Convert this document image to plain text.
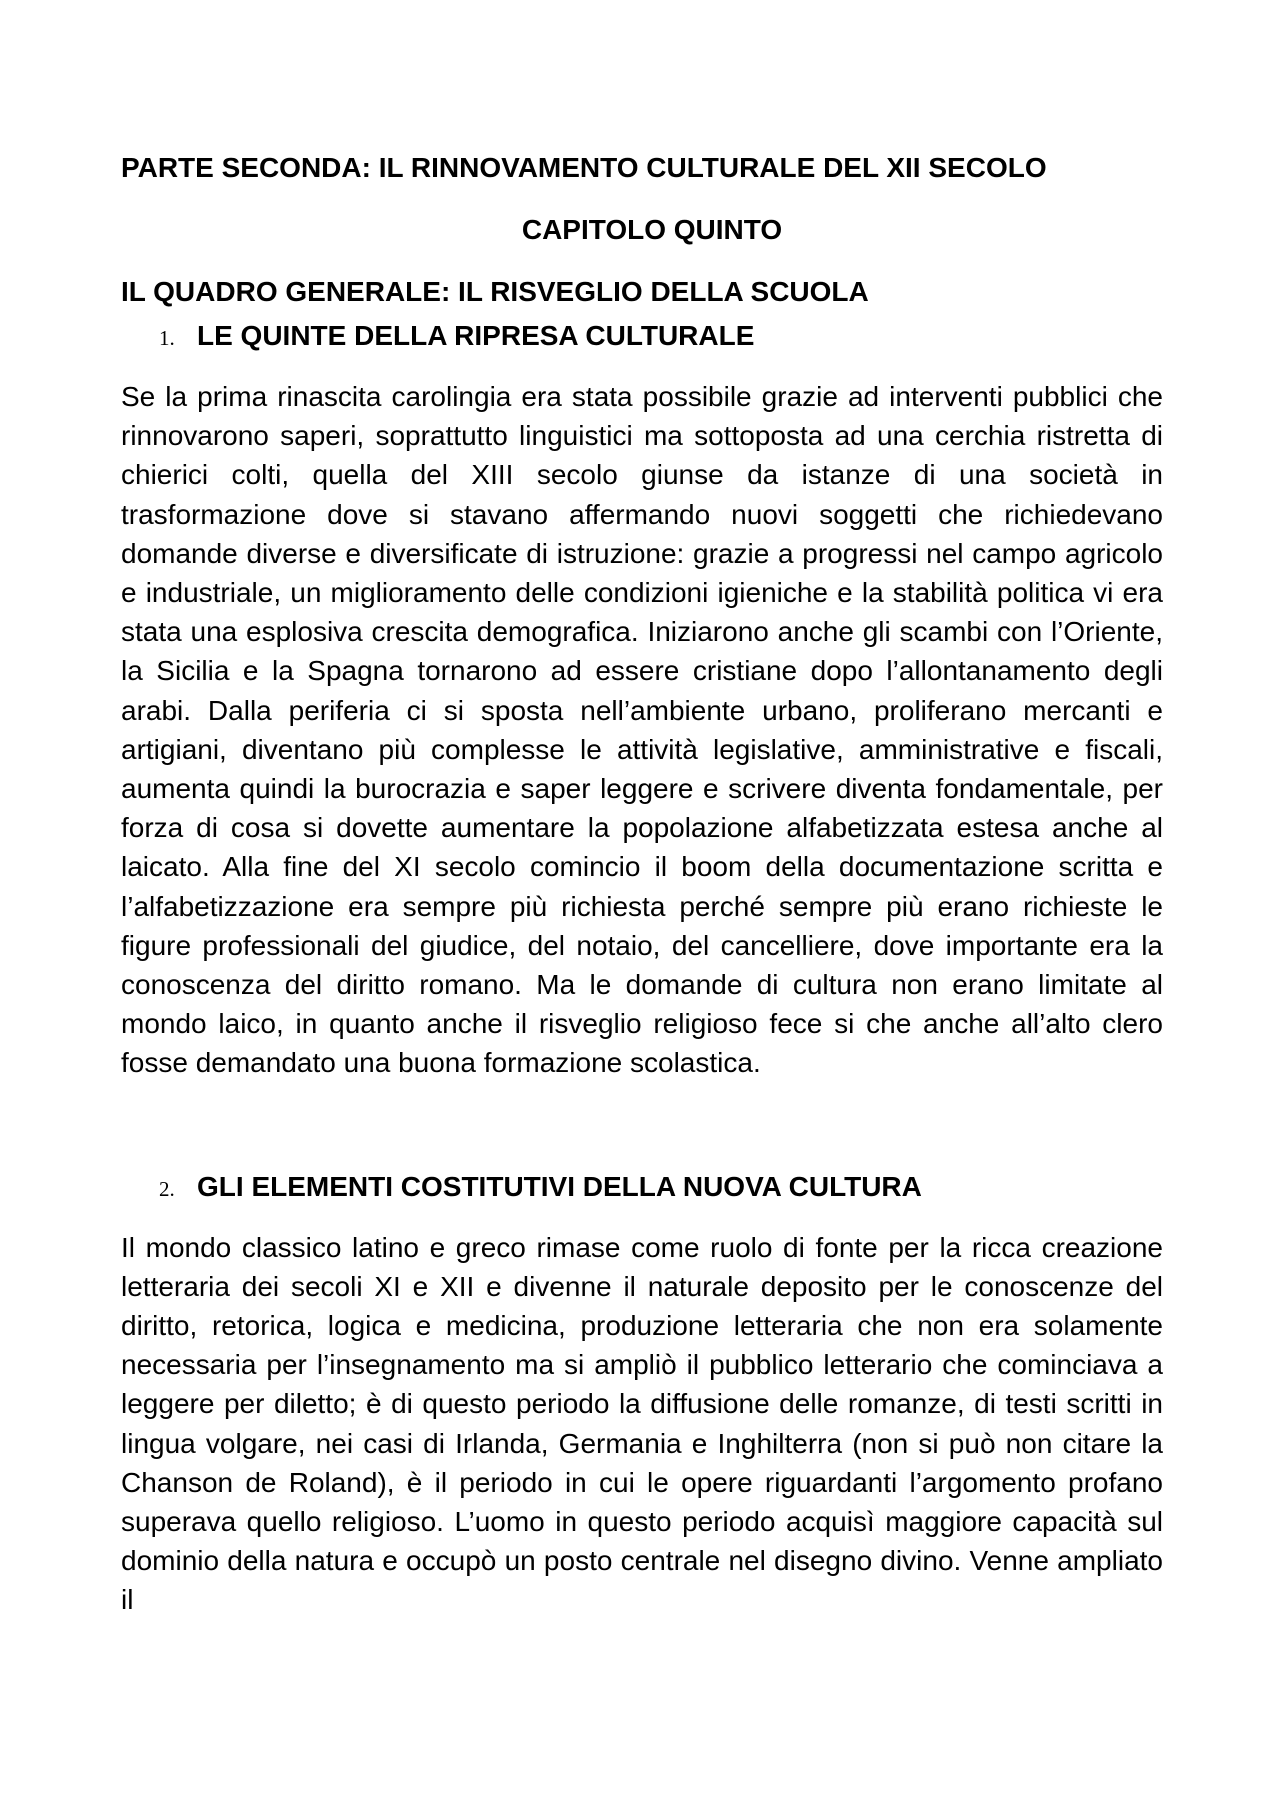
PARTE SECONDA: IL RINNOVAMENTO CULTURALE DEL XII SECOLO
CAPITOLO QUINTO
IL QUADRO GENERALE: IL RISVEGLIO DELLA SCUOLA
1. LE QUINTE DELLA RIPRESA CULTURALE

Se la prima rinascita carolingia era stata possibile grazie ad interventi pubblici che rinnovarono saperi, soprattutto linguistici ma sottoposta ad una cerchia ristretta di chierici colti, quella del XIII secolo giunse da istanze di una società in trasformazione dove si stavano affermando nuovi soggetti che richiedevano domande diverse e diversificate di istruzione: grazie a progressi nel campo agricolo e industriale, un miglioramento delle condizioni igieniche e la stabilità politica vi era stata una esplosiva crescita demografica. Iniziarono anche gli scambi con l’Oriente, la Sicilia e la Spagna tornarono ad essere cristiane dopo l’allontanamento degli arabi. Dalla periferia ci si sposta nell’ambiente urbano, proliferano mercanti e artigiani, diventano più complesse le attività legislative, amministrative e fiscali, aumenta quindi la burocrazia e saper leggere e scrivere diventa fondamentale, per forza di cosa si dovette aumentare la popolazione alfabetizzata estesa anche al laicato. Alla fine del XI secolo comincio il boom della documentazione scritta e l’alfabetizzazione era sempre più richiesta perché sempre più erano richieste le figure professionali del giudice, del notaio, del cancelliere, dove importante era la conoscenza del diritto romano. Ma le domande di cultura non erano limitate al mondo laico, in quanto anche il risveglio religioso fece si che anche all’alto clero fosse demandato una buona formazione scolastica.

2. GLI ELEMENTI COSTITUTIVI DELLA NUOVA CULTURA

Il mondo classico latino e greco rimase come ruolo di fonte per la ricca creazione letteraria dei secoli XI e XII e divenne il naturale deposito per le conoscenze del diritto, retorica, logica e medicina, produzione letteraria che non era solamente necessaria per l’insegnamento ma si ampliò il pubblico letterario che cominciava a leggere per diletto; è di questo periodo la diffusione delle romanze, di testi scritti in lingua volgare, nei casi di Irlanda, Germania e Inghilterra (non si può non citare la Chanson de Roland), è il periodo in cui le opere riguardanti l’argomento profano superava quello religioso. L’uomo in questo periodo acquisì maggiore capacità sul dominio della natura e occupò un posto centrale nel disegno divino. Venne ampliato il
